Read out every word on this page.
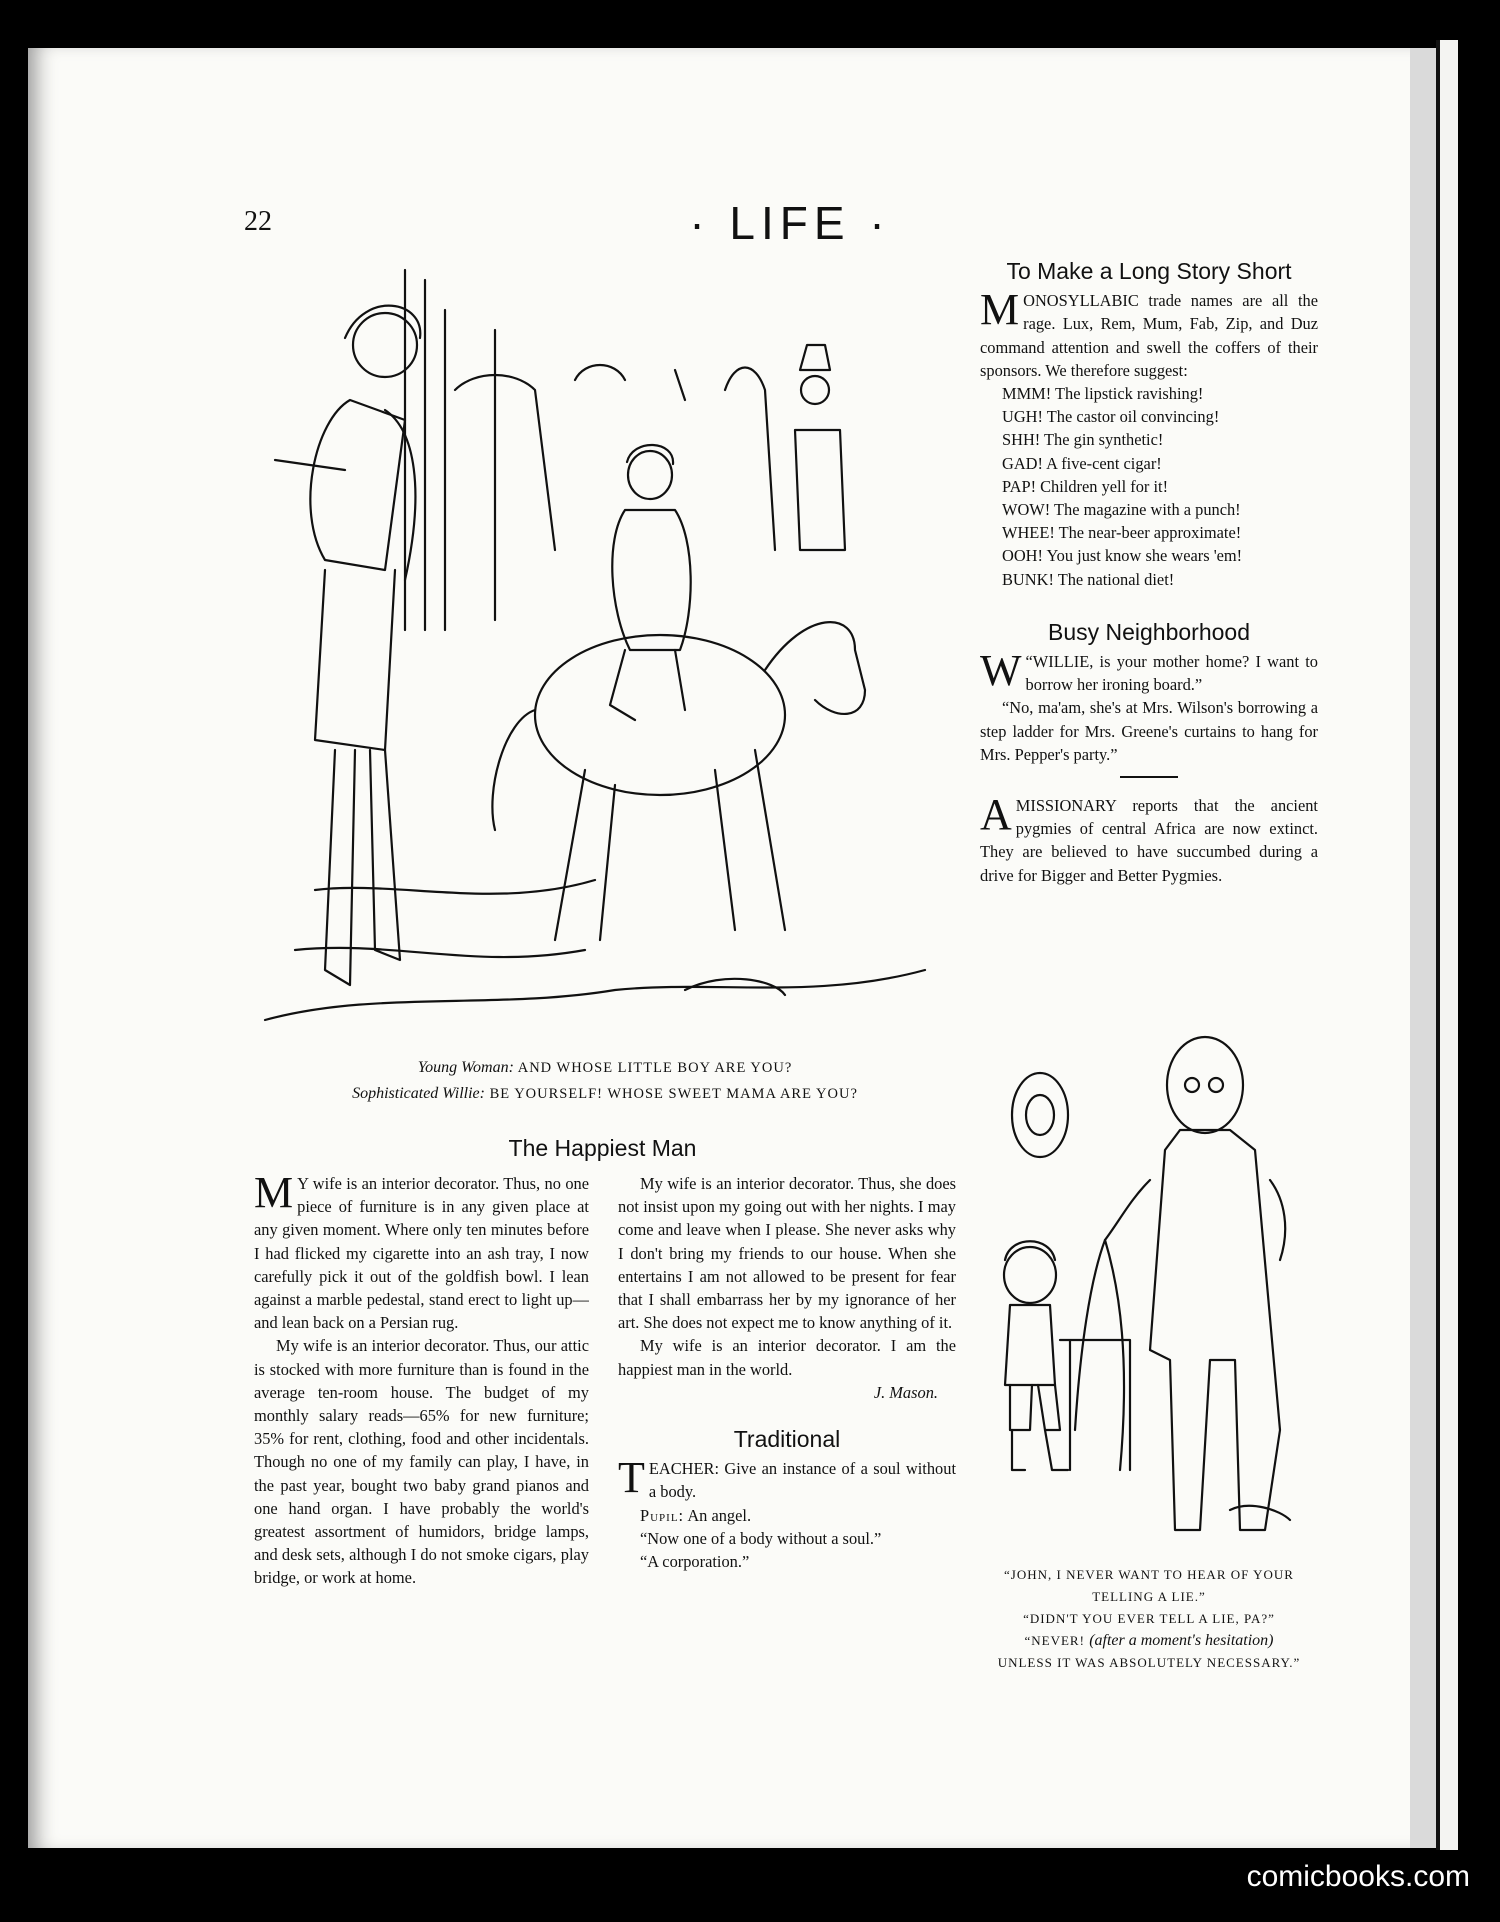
22	· LIFE ·
Young Woman: AND WHOSE LITTLE BOY ARE YOU?
Sophisticated Willie: BE YOURSELF! WHOSE SWEET MAMA ARE YOU?
To Make a Long Story Short

MONOSYLLABIC trade names are all the rage. Lux, Rem, Mum, Fab, Zip, and Duz command attention and swell the coffers of their sponsors. We therefore suggest:

MMM! The lipstick ravishing!
UGH! The castor oil convincing!
SHH! The gin synthetic!
GAD! A five-cent cigar!
PAP! Children yell for it!
WOW! The magazine with a punch!
WHEE! The near-beer approximate!
OOH! You just know she wears 'em!
BUNK! The national diet!
Busy Neighborhood

W “WILLIE, is your mother home? I want to borrow her ironing board.”

“No, ma'am, she's at Mrs. Wilson's borrowing a step ladder for Mrs. Greene's curtains to hang for Mrs. Pepper's party.”

AMISSIONARY reports that the ancient pygmies of central Africa are now extinct. They are believed to have succumbed during a drive for Bigger and Better Pygmies.

“JOHN, I NEVER WANT TO HEAR OF YOUR TELLING A LIE.”
“DIDN'T YOU EVER TELL A LIE, PA?”
“NEVER! (after a moment's hesitation)
UNLESS IT WAS ABSOLUTELY NECESSARY.”
The Happiest Man

M Y wife is an interior decorator. Thus, no one piece of furniture is in any given place at any given moment. Where only ten minutes before I had flicked my cigarette into an ash tray, I now carefully pick it out of the goldfish bowl. I lean against a marble pedestal, stand erect to light up—and lean back on a Persian rug.

My wife is an interior decorator. Thus, our attic is stocked with more furniture than is found in the average ten-room house. The budget of my monthly salary reads—65% for new furniture; 35% for rent, clothing, food and other incidentals. Though no one of my family can play, I have, in the past year, bought two baby grand pianos and one hand organ. I have probably the world's greatest assortment of humidors, bridge lamps, and desk sets, although I do not smoke cigars, play bridge, or work at home.

My wife is an interior decorator. Thus, she does not insist upon my going out with her nights. I may come and leave when I please. She never asks why I don't bring my friends to our house. When she entertains I am not allowed to be present for fear that I shall embarrass her by my ignorance of her art. She does not expect me to know anything of it.

My wife is an interior decorator. I am the happiest man in the world.

J. Mason.
Traditional

TEACHER: Give an instance of a soul without a body.

Pupil: An angel.

“Now one of a body without a soul.”

“A corporation.”

comicbooks.com
